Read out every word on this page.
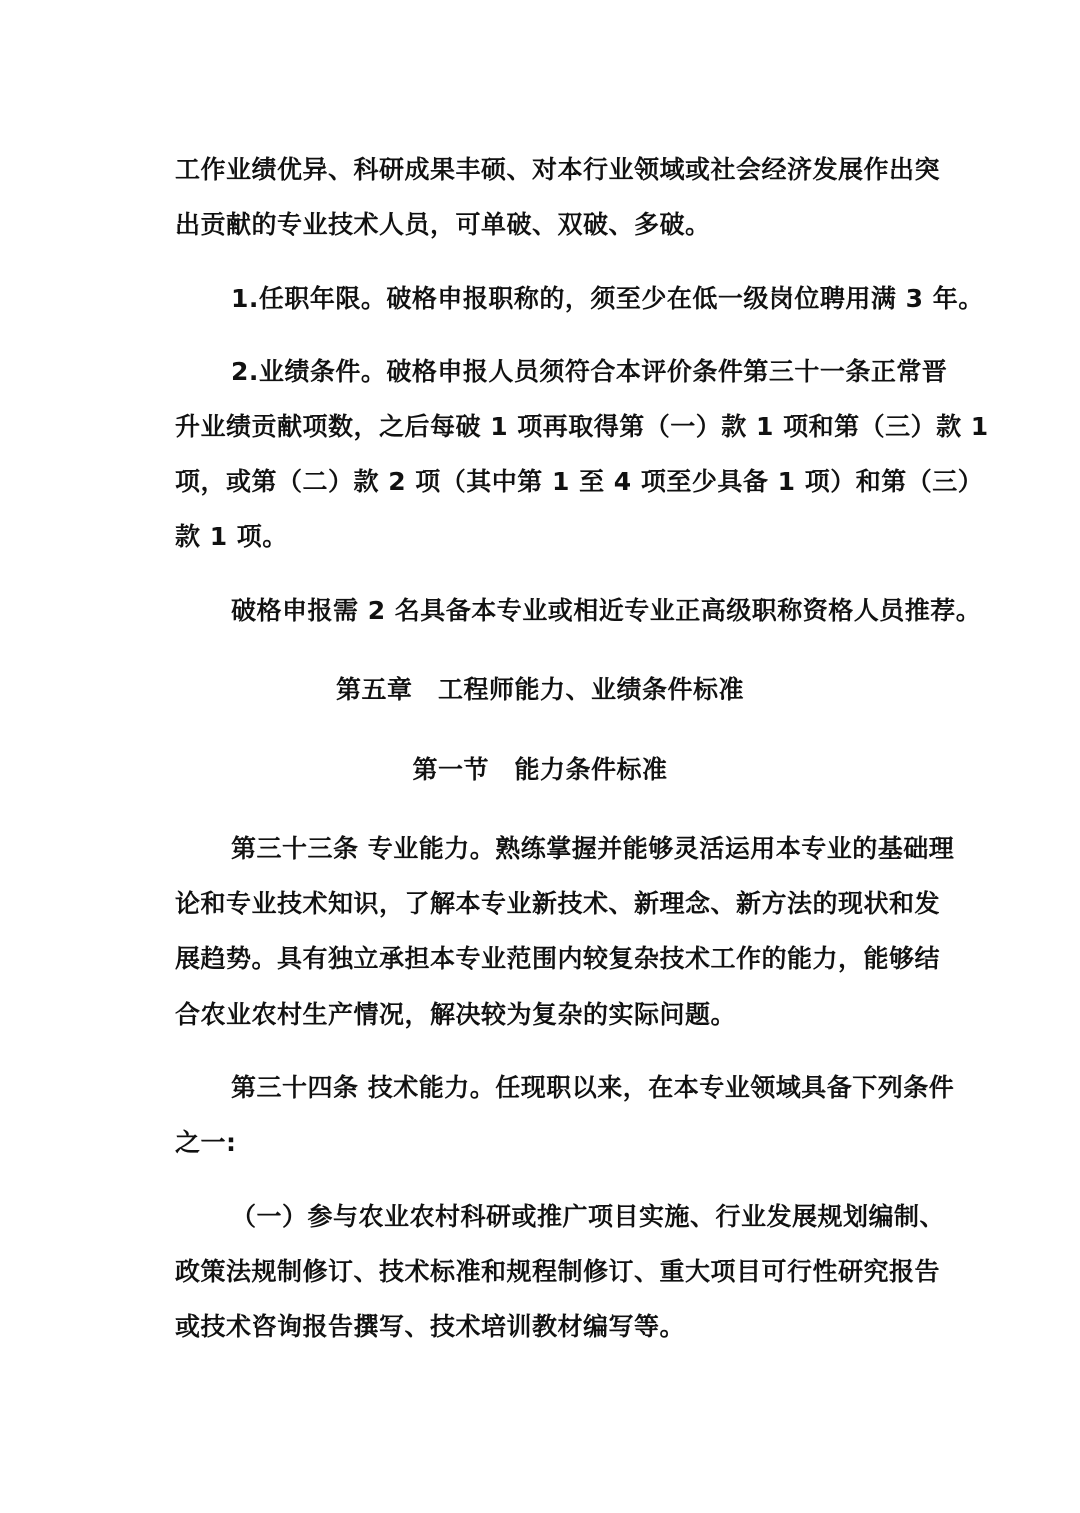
工作业绩优异、科研成果丰硕、对本行业领域或社会经济发展作出突
出贡献的专业技术人员，可单破、双破、多破。
1.任职年限。破格申报职称的，须至少在低一级岗位聘用满 3 年。
2.业绩条件。破格申报人员须符合本评价条件第三十一条正常晋
升业绩贡献项数，之后每破 1 项再取得第（一）款 1 项和第（三）款 1
项，或第（二）款 2 项（其中第 1 至 4 项至少具备 1 项）和第（三）
款 1 项。
破格申报需 2 名具备本专业或相近专业正高级职称资格人员推荐。
第五章　工程师能力、业绩条件标准
第一节　能力条件标准
第三十三条 专业能力。熟练掌握并能够灵活运用本专业的基础理
论和专业技术知识，了解本专业新技术、新理念、新方法的现状和发
展趋势。具有独立承担本专业范围内较复杂技术工作的能力，能够结
合农业农村生产情况，解决较为复杂的实际问题。
第三十四条 技术能力。任现职以来，在本专业领域具备下列条件
之一:
（一）参与农业农村科研或推广项目实施、行业发展规划编制、
政策法规制修订、技术标准和规程制修订、重大项目可行性研究报告
或技术咨询报告撰写、技术培训教材编写等。
